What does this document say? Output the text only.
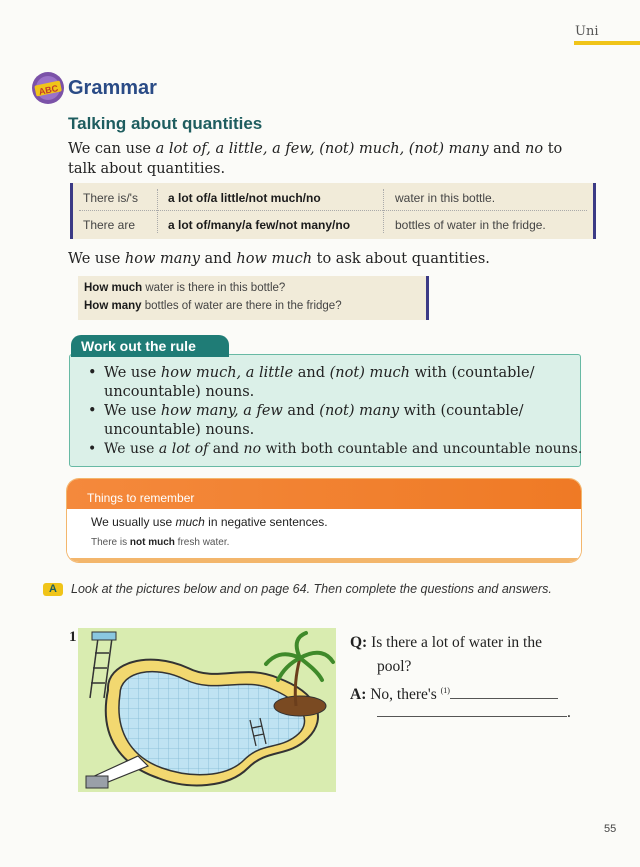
Uni
ABC Grammar
Talking about quantities
We can use a lot of, a little, a few, (not) much, (not) many and no to talk about quantities.
There is/'s	a lot of/a little/not much/no	water in this bottle.
There are	a lot of/many/a few/not many/no	bottles of water in the fridge.
We use how many and how much to ask about quantities.
How much water is there in this bottle?
How many bottles of water are there in the fridge?
• We use how much, a little and (not) much with (countable/ uncountable) nouns.
• We use how many, a few and (not) many with (countable/ uncountable) nouns.
• We use a lot of and no with both countable and uncountable nouns.
Work out the rule
Things to remember
We usually use much in negative sentences.
There is not much fresh water.
A	Look at the pictures below and on page 64. Then complete the questions and answers.
1	Q: Is there a lot of water in the
pool?
A: No, there's $^{(1)}$
.
55
